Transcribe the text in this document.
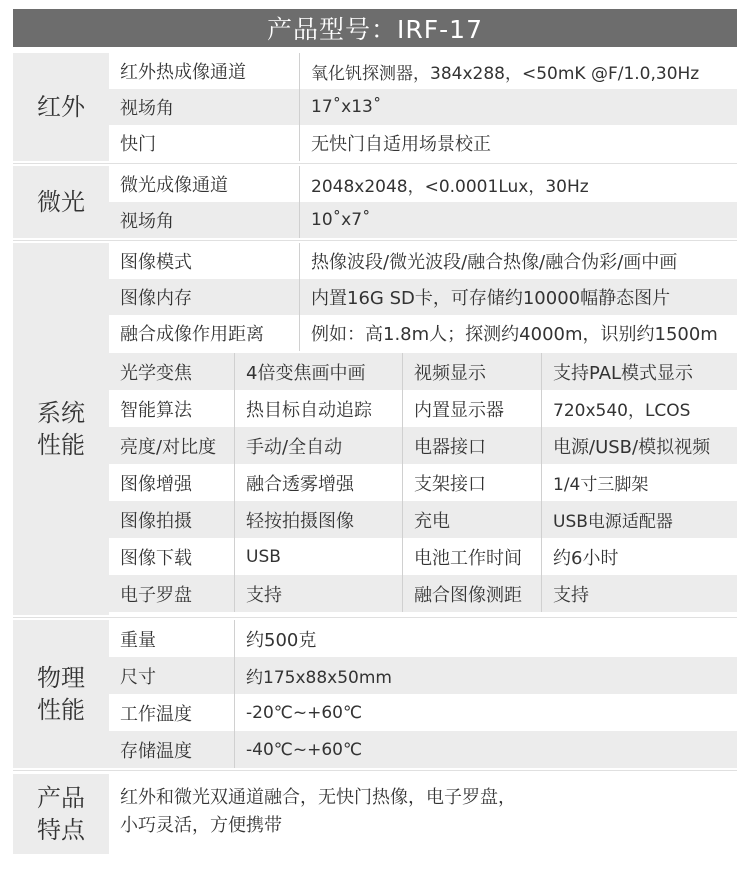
产品型号：IRF-17
红外
红外热成像通道	氧化钒探测器，384x288，<50mK @F/1.0,30Hz
视场角	17˚x13˚
快门	无快门自适用场景校正
微光
微光成像通道	2048x2048，<0.0001Lux，30Hz
视场角	10˚x7˚
系统
性能
图像模式	热像波段/微光波段/融合热像/融合伪彩/画中画
图像内存	内置16G SD卡，可存储约10000幅静态图片
融合成像作用距离	例如：高1.8m人；探测约4000m，识别约1500m
光学变焦	4倍变焦画中画	视频显示	支持PAL模式显示
智能算法	热目标自动追踪	内置显示器	720x540，LCOS
亮度/对比度	手动/全自动	电器接口	电源/USB/模拟视频
图像增强	融合透雾增强	支架接口	1/4寸三脚架
图像拍摄	轻按拍摄图像	充电	USB电源适配器
图像下载	USB	电池工作时间	约6小时
电子罗盘	支持	融合图像测距	支持
物理
性能
重量	约500克
尺寸	约175x88x50mm
工作温度	-20℃~+60℃
存储温度	-40℃~+60℃
产品
特点
红外和微光双通道融合，无快门热像，电子罗盘，
小巧灵活，方便携带
